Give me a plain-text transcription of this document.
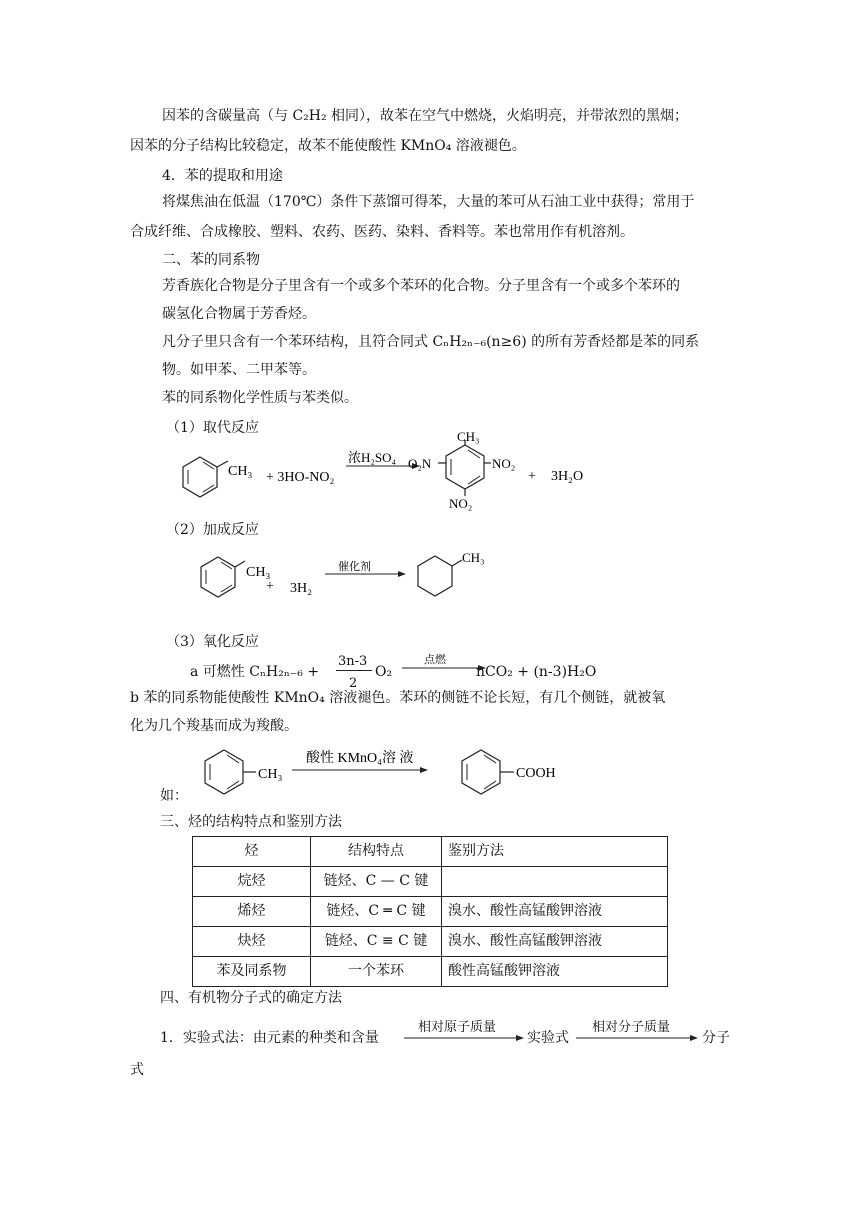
因苯的含碳量高（与 C₂H₂ 相同），故苯在空气中燃烧，火焰明亮，并带浓烈的黑烟；
因苯的分子结构比较稳定，故苯不能使酸性 KMnO₄ 溶液褪色。
4．苯的提取和用途
将煤焦油在低温（170℃）条件下蒸馏可得苯，大量的苯可从石油工业中获得；常用于
合成纤维、合成橡胶、塑料、农药、医药、染料、香料等。苯也常用作有机溶剂。
二、苯的同系物
芳香族化合物是分子里含有一个或多个苯环的化合物。分子里含有一个或多个苯环的
碳氢化合物属于芳香烃。
凡分子里只含有一个苯环结构，且符合同式 CₙH₂ₙ₋₆(n≥6) 的所有芳香烃都是苯的同系
物。如甲苯、二甲苯等。
苯的同系物化学性质与苯类似。
（1）取代反应
CH₃ + 3HO-NO₂
浓H₂SO₄
CH₃
O₂N	NO₂
NO₂
+ 3H₂O
（2）加成反应
CH₃
+ 3H₂
催化剂
CH₃
（3）氧化反应
a 可燃性 CₙH₂ₙ₋₆ +
3n-3
2
O₂
点燃
nCO₂ + (n-3)H₂O
b 苯的同系物能使酸性 KMnO₄ 溶液褪色。苯环的侧链不论长短，有几个侧链，就被氧
化为几个羧基而成为羧酸。
CH₃
酸性 KMnO₄溶 液
COOH
如：
三、烃的结构特点和鉴别方法
烃	结构特点	鉴别方法
烷烃	链烃、C — C 键	
烯烃	链烃、C ═ C 键	溴水、酸性高锰酸钾溶液
炔烃	链烃、C ≡ C 键	溴水、酸性高锰酸钾溶液
苯及同系物	一个苯环	酸性高锰酸钾溶液
四、有机物分子式的确定方法
1．实验式法：由元素的种类和含量
相对原子质量
实验式
相对分子质量
分子
式
